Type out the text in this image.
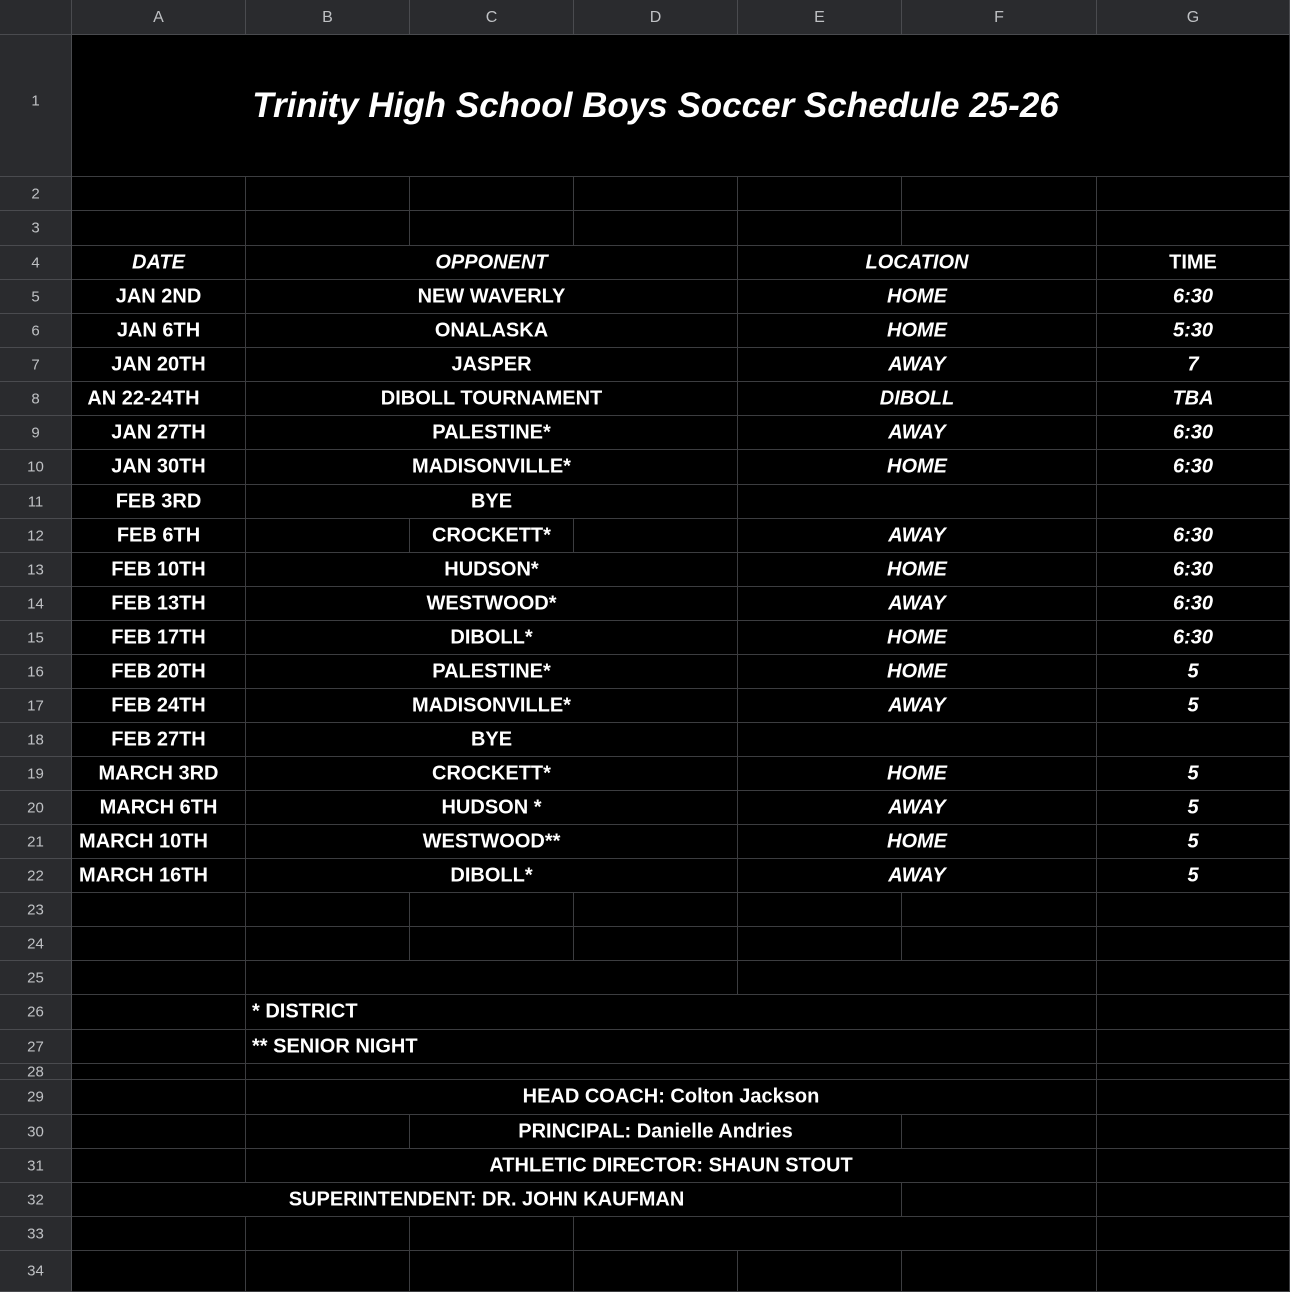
A	B	C	D	E	F	G
1
2
3
4
5
6
7
8
9
10
11
12
13
14
15
16
17
18
19
20
21
22
23
24
25
26
27
28
29
30
31
32
33
34
Trinity High School Boys Soccer Schedule 25-26
DATE	OPPONENT	LOCATION	TIME
JAN 2ND	NEW WAVERLY	HOME	6:30
JAN 6TH	ONALASKA	HOME	5:30
JAN 20TH	JASPER	AWAY	7
AN 22-24TH	DIBOLL TOURNAMENT	DIBOLL	TBA
JAN 27TH	PALESTINE*	AWAY	6:30
JAN 30TH	MADISONVILLE*	HOME	6:30
FEB 3RD	BYE
FEB 6TH	CROCKETT*	AWAY	6:30
FEB 10TH	HUDSON*	HOME	6:30
FEB 13TH	WESTWOOD*	AWAY	6:30
FEB 17TH	DIBOLL*	HOME	6:30
FEB 20TH	PALESTINE*	HOME	5
FEB 24TH	MADISONVILLE*	AWAY	5
FEB 27TH	BYE
MARCH 3RD	CROCKETT*	HOME	5
MARCH 6TH	HUDSON *	AWAY	5
MARCH 10TH	WESTWOOD**	HOME	5
MARCH 16TH	DIBOLL*	AWAY	5
* DISTRICT
** SENIOR NIGHT
HEAD COACH: Colton Jackson
PRINCIPAL: Danielle Andries
ATHLETIC DIRECTOR: SHAUN STOUT
SUPERINTENDENT: DR. JOHN KAUFMAN
